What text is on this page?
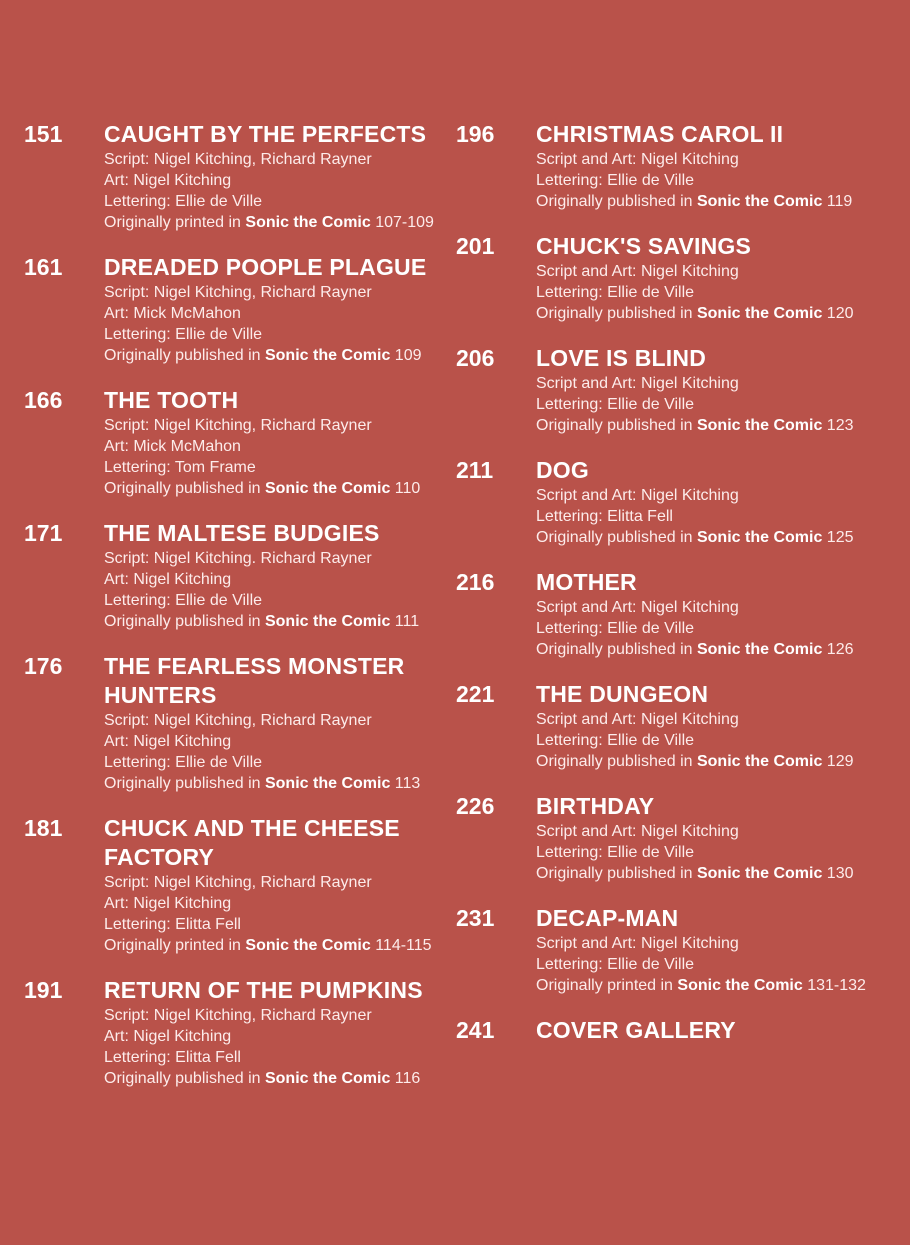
151	CAUGHT BY THE PERFECTS
Script: Nigel Kitching, Richard Rayner
Art: Nigel Kitching
Lettering: Ellie de Ville
Originally printed in Sonic the Comic 107-109
161	DREADED POOPLE PLAGUE
Script: Nigel Kitching, Richard Rayner
Art: Mick McMahon
Lettering: Ellie de Ville
Originally published in Sonic the Comic 109
166	THE TOOTH
Script: Nigel Kitching, Richard Rayner
Art: Mick McMahon
Lettering: Tom Frame
Originally published in Sonic the Comic 110
171	THE MALTESE BUDGIES
Script: Nigel Kitching. Richard Rayner
Art: Nigel Kitching
Lettering: Ellie de Ville
Originally published in Sonic the Comic 111
176	THE FEARLESS MONSTER HUNTERS
Script: Nigel Kitching, Richard Rayner
Art: Nigel Kitching
Lettering: Ellie de Ville
Originally published in Sonic the Comic 113
181	CHUCK AND THE CHEESE FACTORY
Script: Nigel Kitching, Richard Rayner
Art: Nigel Kitching
Lettering: Elitta Fell
Originally printed in Sonic the Comic 114-115
191	RETURN OF THE PUMPKINS
Script: Nigel Kitching, Richard Rayner
Art: Nigel Kitching
Lettering: Elitta Fell
Originally published in Sonic the Comic 116
196	CHRISTMAS CAROL II
Script and Art: Nigel Kitching
Lettering: Ellie de Ville
Originally published in Sonic the Comic 119
201	CHUCK'S SAVINGS
Script and Art: Nigel Kitching
Lettering: Ellie de Ville
Originally published in Sonic the Comic 120
206	LOVE IS BLIND
Script and Art: Nigel Kitching
Lettering: Ellie de Ville
Originally published in Sonic the Comic 123
211	DOG
Script and Art: Nigel Kitching
Lettering: Elitta Fell
Originally published in Sonic the Comic 125
216	MOTHER
Script and Art: Nigel Kitching
Lettering: Ellie de Ville
Originally published in Sonic the Comic 126
221	THE DUNGEON
Script and Art: Nigel Kitching
Lettering: Ellie de Ville
Originally published in Sonic the Comic 129
226	BIRTHDAY
Script and Art: Nigel Kitching
Lettering: Ellie de Ville
Originally published in Sonic the Comic 130
231	DECAP-MAN
Script and Art: Nigel Kitching
Lettering: Ellie de Ville
Originally printed in Sonic the Comic 131-132
241	COVER GALLERY
